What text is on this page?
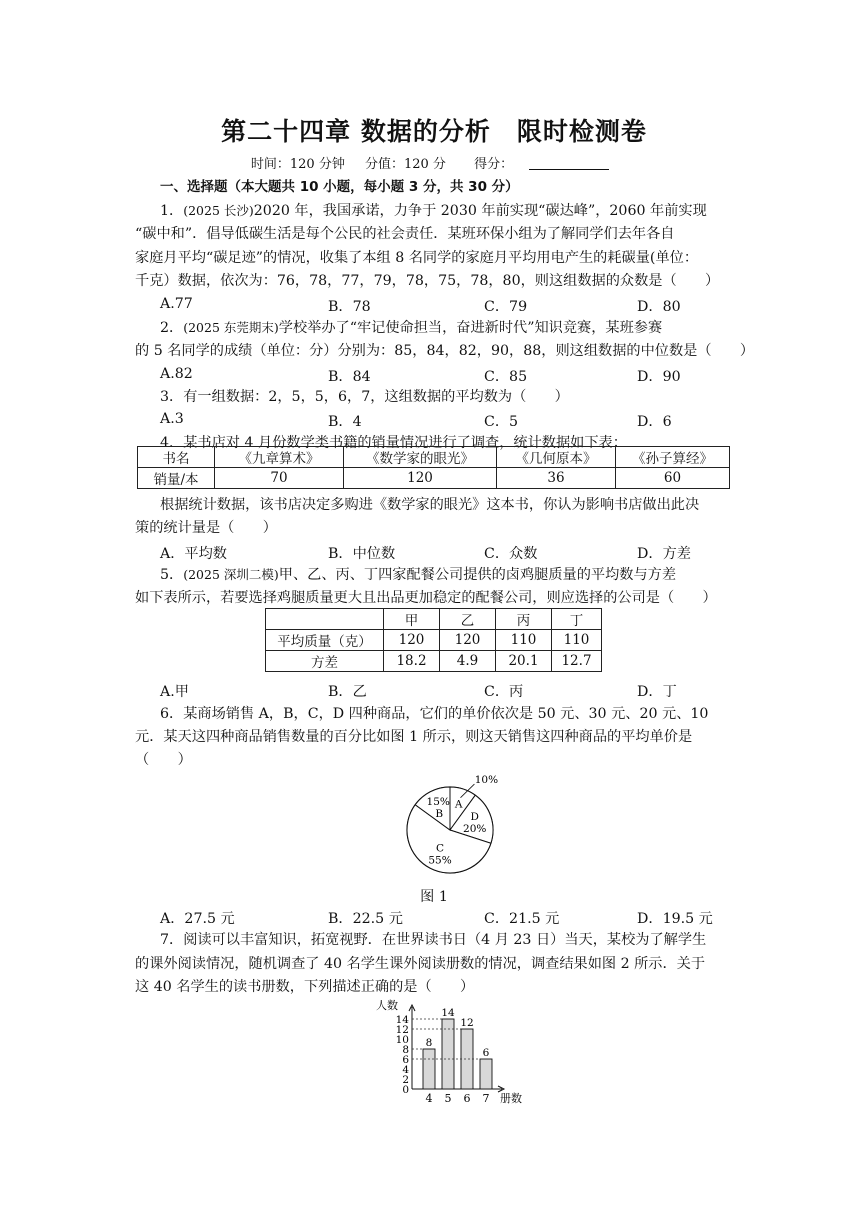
第二十四章 数据的分析　限时检测卷
时间：120 分钟 分值：120 分 得分：
一、选择题（本大题共 10 小题，每小题 3 分，共 30 分）
1．(2025 长沙)2020 年，我国承诺，力争于 2030 年前实现“碳达峰”，2060 年前实现
“碳中和”．倡导低碳生活是每个公民的社会责任．某班环保小组为了解同学们去年各自
家庭月平均“碳足迹”的情况，收集了本组 8 名同学的家庭月平均用电产生的耗碳量(单位：
千克）数据，依次为：76，78，77，79，78，75，78，80，则这组数据的众数是（　　）
A.77	B．78	C．79	D．80
2．(2025 东莞期末)学校举办了“牢记使命担当，奋进新时代”知识竞赛，某班参赛
的 5 名同学的成绩（单位：分）分别为：85，84，82，90，88，则这组数据的中位数是（　　）
A.82	B．84	C．85	D．90
3．有一组数据：2，5，5，6，7，这组数据的平均数为（　　）
A.3	B．4	C．5	D．6
4．某书店对 4 月份数学类书籍的销量情况进行了调查，统计数据如下表：
书名	《九章算术》	《数学家的眼光》	《几何原本》	《孙子算经》
销量/本	70	120	36	60
根据统计数据，该书店决定多购进《数学家的眼光》这本书，你认为影响书店做出此决
策的统计量是（　　）
A．平均数	B．中位数	C．众数	D．方差
5．(2025 深圳二模)甲、乙、丙、丁四家配餐公司提供的卤鸡腿质量的平均数与方差
如下表所示，若要选择鸡腿质量更大且出品更加稳定的配餐公司，则应选择的公司是（　　）
	甲	乙	丙	丁
平均质量（克）	120	120	110	110
方差	18.2	4.9	20.1	12.7
A.甲	B．乙	C．丙	D．丁
6．某商场销售 A，B，C，D 四种商品，它们的单价依次是 50 元、30 元、20 元、10
元．某天这四种商品销售数量的百分比如图 1 所示，则这天销售这四种商品的平均单价是
（　　）
A
10%
15%
B	D
20%
C
55%
图 1
A．27.5 元	B．22.5 元	C．21.5 元	D．19.5 元
7．阅读可以丰富知识，拓宽视野．在世界读书日（4 月 23 日）当天，某校为了解学生
的课外阅读情况，随机调查了 40 名学生课外阅读册数的情况，调查结果如图 2 所示．关于
这 40 名学生的读书册数，下列描述正确的是（　　）
人数
册数
0
2
4
6
8
10
12
14
8
4
14
5
12
6
6
7
